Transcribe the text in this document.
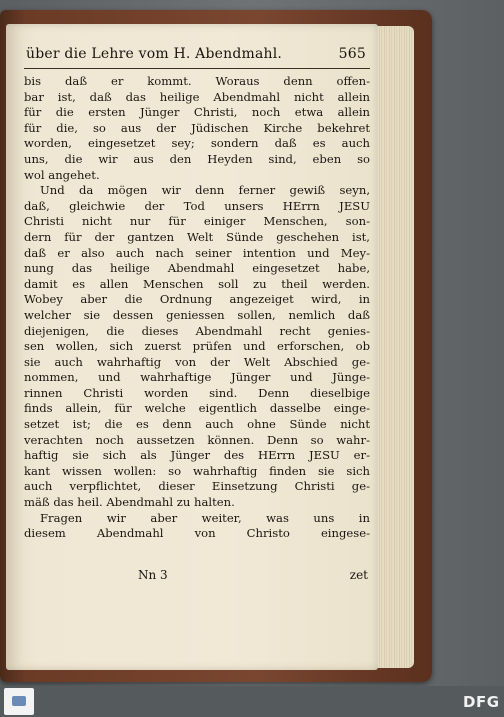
über die Lehre vom H. Abendmahl.	565
bis daß er kommt. Woraus denn offen-
bar ist, daß das heilige Abendmahl nicht allein
für die ersten Jünger Christi, noch etwa allein
für die, so aus der Jüdischen Kirche bekehret
worden, eingesetzet sey; sondern daß es auch
uns, die wir aus den Heyden sind, eben so
wol angehet.
Und da mögen wir denn ferner gewiß seyn,
daß, gleichwie der Tod unsers HErrn JESU
Christi nicht nur für einiger Menschen, son-
dern für der gantzen Welt Sünde geschehen ist,
daß er also auch nach seiner intention und Mey-
nung das heilige Abendmahl eingesetzet habe,
damit es allen Menschen soll zu theil werden.
Wobey aber die Ordnung angezeiget wird, in
welcher sie dessen geniessen sollen, nemlich daß
diejenigen, die dieses Abendmahl recht genies-
sen wollen, sich zuerst prüfen und erforschen, ob
sie auch wahrhaftig von der Welt Abschied ge-
nommen, und wahrhaftige Jünger und Jünge-
rinnen Christi worden sind. Denn dieselbige
finds allein, für welche eigentlich dasselbe einge-
setzet ist; die es denn auch ohne Sünde nicht
verachten noch aussetzen können. Denn so wahr-
haftig sie sich als Jünger des HErrn JESU er-
kant wissen wollen: so wahrhaftig finden sie sich
auch verpflichtet, dieser Einsetzung Christi ge-
mäß das heil. Abendmahl zu halten.
Fragen wir aber weiter, was uns in
diesem Abendmahl von Christo eingese-
Nn 3	zet
DFG
